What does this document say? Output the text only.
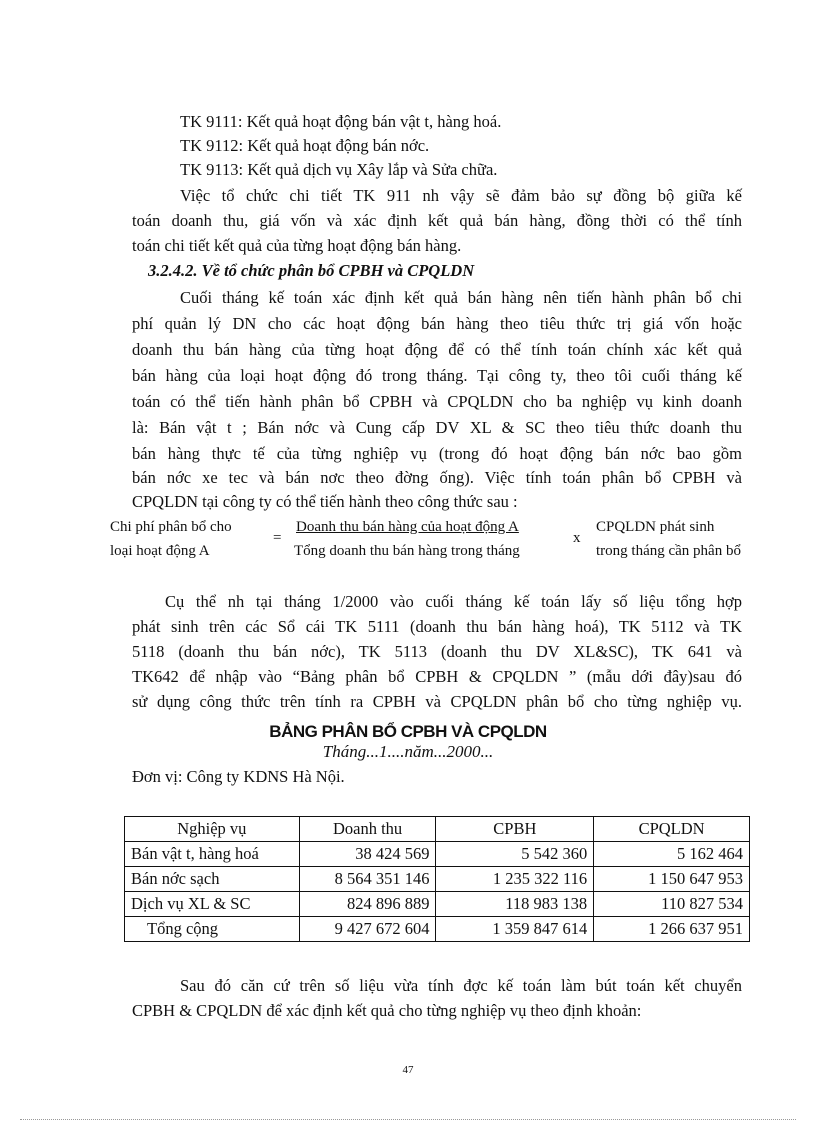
TK 9111: Kết quả hoạt động bán vật t, hàng hoá.
TK 9112: Kết quả hoạt động bán nớc.
TK 9113: Kết quả dịch vụ Xây lắp và Sửa chữa.
Việc tổ chức chi tiết TK 911 nh vậy sẽ đảm bảo sự đồng bộ giữa kế
toán doanh thu, giá vốn và xác định kết quả bán hàng, đồng thời có thể tính
toán chi tiết kết quả của từng hoạt động bán hàng.
3.2.4.2. Về tổ chức phân bổ CPBH và CPQLDN
Cuối tháng kế toán xác định kết quả bán hàng nên tiến hành phân bổ chi
phí quản lý DN cho các hoạt động bán hàng theo tiêu thức trị giá vốn hoặc
doanh thu bán hàng của từng hoạt động để có thể tính toán chính xác kết quả
bán hàng của loại hoạt động đó trong tháng. Tại công ty, theo tôi cuối tháng kế
toán có thể tiến hành phân bổ CPBH và CPQLDN cho ba nghiệp vụ kinh doanh
là: Bán vật t ; Bán nớc và Cung cấp DV XL & SC theo tiêu thức doanh thu
bán hàng thực tế của từng nghiệp vụ (trong đó hoạt động bán nớc bao gồm
bán nớc xe tec và bán nơc theo đờng ống). Việc tính toán phân bổ CPBH và
CPQLDN tại công ty có thể tiến hành theo công thức sau :
Chi phí phân bổ cho
loại hoạt động A
=
Doanh thu bán hàng của hoạt động A
Tổng doanh thu bán hàng trong tháng
x
CPQLDN phát sinh
trong tháng cần phân bổ
Cụ thể nh tại tháng 1/2000 vào cuối tháng kế toán lấy số liệu tổng hợp
phát sinh trên các Sổ cái TK 5111 (doanh thu bán hàng hoá), TK 5112 và TK
5118 (doanh thu bán nớc), TK 5113 (doanh thu DV XL&SC), TK 641 và
TK642 để nhập vào “Bảng phân bổ CPBH & CPQLDN ” (mẫu dới đây)sau đó
sử dụng công thức trên tính ra CPBH và CPQLDN phân bổ cho từng nghiệp vụ.
BẢNG PHÂN BỔ CPBH VÀ CPQLDN
Tháng...1....năm...2000...
Đơn vị: Công ty KDNS Hà Nội.
Nghiệp vụ	Doanh thu	CPBH	CPQLDN
Bán vật t, hàng hoá	38 424 569	5 542 360	5 162 464
Bán nớc sạch	8 564 351 146	1 235 322 116	1 150 647 953
Dịch vụ XL & SC	824 896 889	118 983 138	110 827 534
Tổng cộng	9 427 672 604	1 359 847 614	1 266 637 951
Sau đó căn cứ trên số liệu vừa tính đợc kế toán làm bút toán kết chuyển
CPBH & CPQLDN để xác định kết quả cho từng nghiệp vụ theo định khoản:
47
